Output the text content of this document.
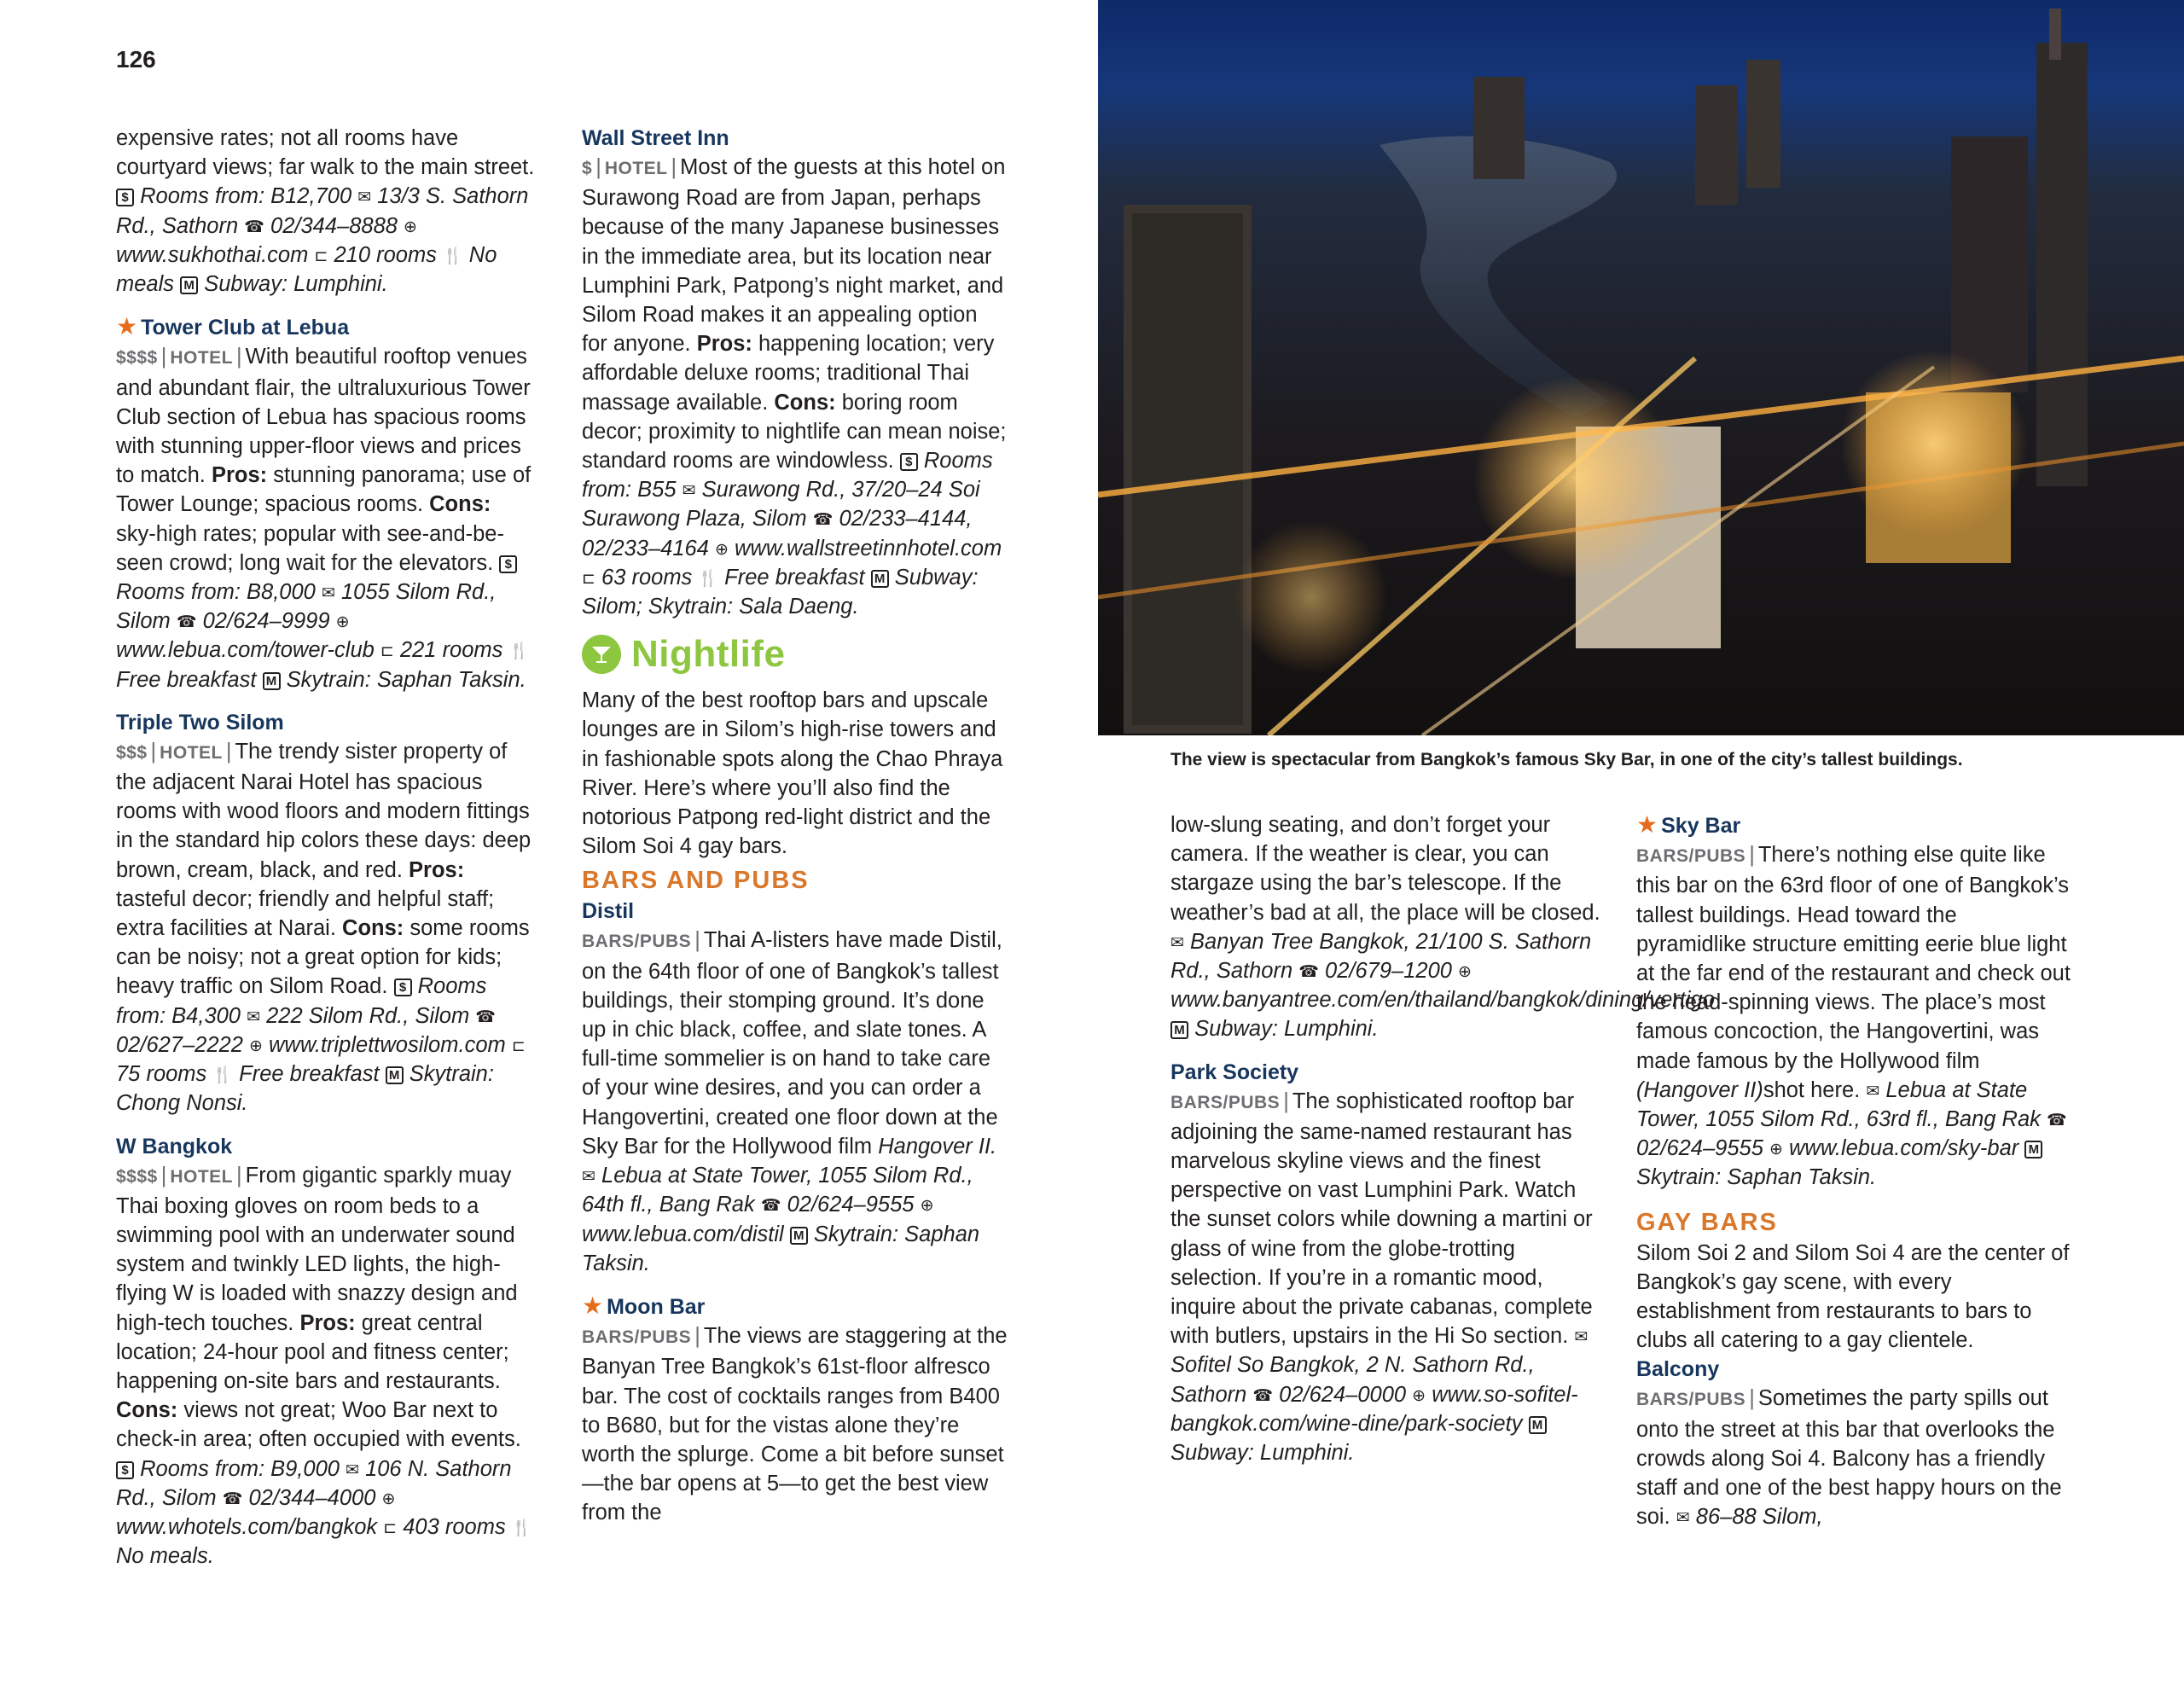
126
expensive rates; not all rooms have courtyard views; far walk to the main street. $ Rooms from: B12,700 ✉ 13/3 S. Sathorn Rd., Sathorn ☎ 02/344–8888 ⊕ www.sukhothai.com ⊏ 210 rooms 🍴 No meals M Subway: Lumphini.
★ Tower Club at Lebua
$$$$ | HOTEL | With beautiful rooftop venues and abundant flair, the ultraluxurious Tower Club section of Lebua has spacious rooms with stunning upper-floor views and prices to match. Pros: stunning panorama; use of Tower Lounge; spacious rooms. Cons: sky-high rates; popular with see-and-be-seen crowd; long wait for the elevators. $ Rooms from: B8,000 ✉ 1055 Silom Rd., Silom ☎ 02/624–9999 ⊕ www.lebua.com/tower-club ⊏ 221 rooms 🍴 Free breakfast M Skytrain: Saphan Taksin.
Triple Two Silom
$$$ | HOTEL | The trendy sister property of the adjacent Narai Hotel has spacious rooms with wood floors and modern fittings in the standard hip colors these days: deep brown, cream, black, and red. Pros: tasteful decor; friendly and helpful staff; extra facilities at Narai. Cons: some rooms can be noisy; not a great option for kids; heavy traffic on Silom Road. $ Rooms from: B4,300 ✉ 222 Silom Rd., Silom ☎ 02/627–2222 ⊕ www.triplettwosilom.com ⊏ 75 rooms 🍴 Free breakfast M Skytrain: Chong Nonsi.
W Bangkok
$$$$ | HOTEL | From gigantic sparkly muay Thai boxing gloves on room beds to a swimming pool with an underwater sound system and twinkly LED lights, the high-flying W is loaded with snazzy design and high-tech touches. Pros: great central location; 24-hour pool and fitness center; happening on-site bars and restaurants. Cons: views not great; Woo Bar next to check-in area; often occupied with events. $ Rooms from: B9,000 ✉ 106 N. Sathorn Rd., Silom ☎ 02/344–4000 ⊕ www.whotels.com/bangkok ⊏ 403 rooms 🍴 No meals.
Wall Street Inn
$ | HOTEL | Most of the guests at this hotel on Surawong Road are from Japan, perhaps because of the many Japanese businesses in the immediate area, but its location near Lumphini Park, Patpong’s night market, and Silom Road makes it an appealing option for anyone. Pros: happening location; very affordable deluxe rooms; traditional Thai massage available. Cons: boring room decor; proximity to nightlife can mean noise; standard rooms are windowless. $ Rooms from: B55 ✉ Surawong Rd., 37/20–24 Soi Surawong Plaza, Silom ☎ 02/233–4144, 02/233–4164 ⊕ www.wallstreetinnhotel.com ⊏ 63 rooms 🍴 Free breakfast M Subway: Silom; Skytrain: Sala Daeng.
Nightlife

Many of the best rooftop bars and upscale lounges are in Silom’s high-rise towers and in fashionable spots along the Chao Phraya River. Here’s where you’ll also find the notorious Patpong red-light district and the Silom Soi 4 gay bars.

BARS AND PUBS
Distil
BARS/PUBS | Thai A-listers have made Distil, on the 64th floor of one of Bangkok’s tallest buildings, their stomping ground. It’s done up in chic black, coffee, and slate tones. A full-time sommelier is on hand to take care of your wine desires, and you can order a Hangovertini, created one floor down at the Sky Bar for the Hollywood film Hangover II. ✉ Lebua at State Tower, 1055 Silom Rd., 64th fl., Bang Rak ☎ 02/624–9555 ⊕ www.lebua.com/distil M Skytrain: Saphan Taksin.
★ Moon Bar
BARS/PUBS | The views are staggering at the Banyan Tree Bangkok’s 61st-floor alfresco bar. The cost of cocktails ranges from B400 to B680, but for the vistas alone they’re worth the splurge. Come a bit before sunset—the bar opens at 5—to get the best view from the
The view is spectacular from Bangkok’s famous Sky Bar, in one of the city’s tallest buildings.
low-slung seating, and don’t forget your camera. If the weather is clear, you can stargaze using the bar’s telescope. If the weather’s bad at all, the place will be closed. ✉ Banyan Tree Bangkok, 21/100 S. Sathorn Rd., Sathorn ☎ 02/679–1200 ⊕ www.banyantree.com/en/thailand/bangkok/dining/vertigo M Subway: Lumphini.
Park Society
BARS/PUBS | The sophisticated rooftop bar adjoining the same-named restaurant has marvelous skyline views and the finest perspective on vast Lumphini Park. Watch the sunset colors while downing a martini or glass of wine from the globe-trotting selection. If you’re in a romantic mood, inquire about the private cabanas, complete with butlers, upstairs in the Hi So section. ✉ Sofitel So Bangkok, 2 N. Sathorn Rd., Sathorn ☎ 02/624–0000 ⊕ www.so-sofitel-bangkok.com/wine-dine/park-society M Subway: Lumphini.
★ Sky Bar
BARS/PUBS | There’s nothing else quite like this bar on the 63rd floor of one of Bangkok’s tallest buildings. Head toward the pyramidlike structure emitting eerie blue light at the far end of the restaurant and check out the head-spinning views. The place’s most famous concoction, the Hangovertini, was made famous by the Hollywood film (Hangover II)shot here. ✉ Lebua at State Tower, 1055 Silom Rd., 63rd fl., Bang Rak ☎ 02/624–9555 ⊕ www.lebua.com/sky-bar M Skytrain: Saphan Taksin.
GAY BARS

Silom Soi 2 and Silom Soi 4 are the center of Bangkok’s gay scene, with every establishment from restaurants to bars to clubs all catering to a gay clientele.

Balcony
BARS/PUBS | Sometimes the party spills out onto the street at this bar that overlooks the crowds along Soi 4. Balcony has a friendly staff and one of the best happy hours on the soi. ✉ 86–88 Silom,
